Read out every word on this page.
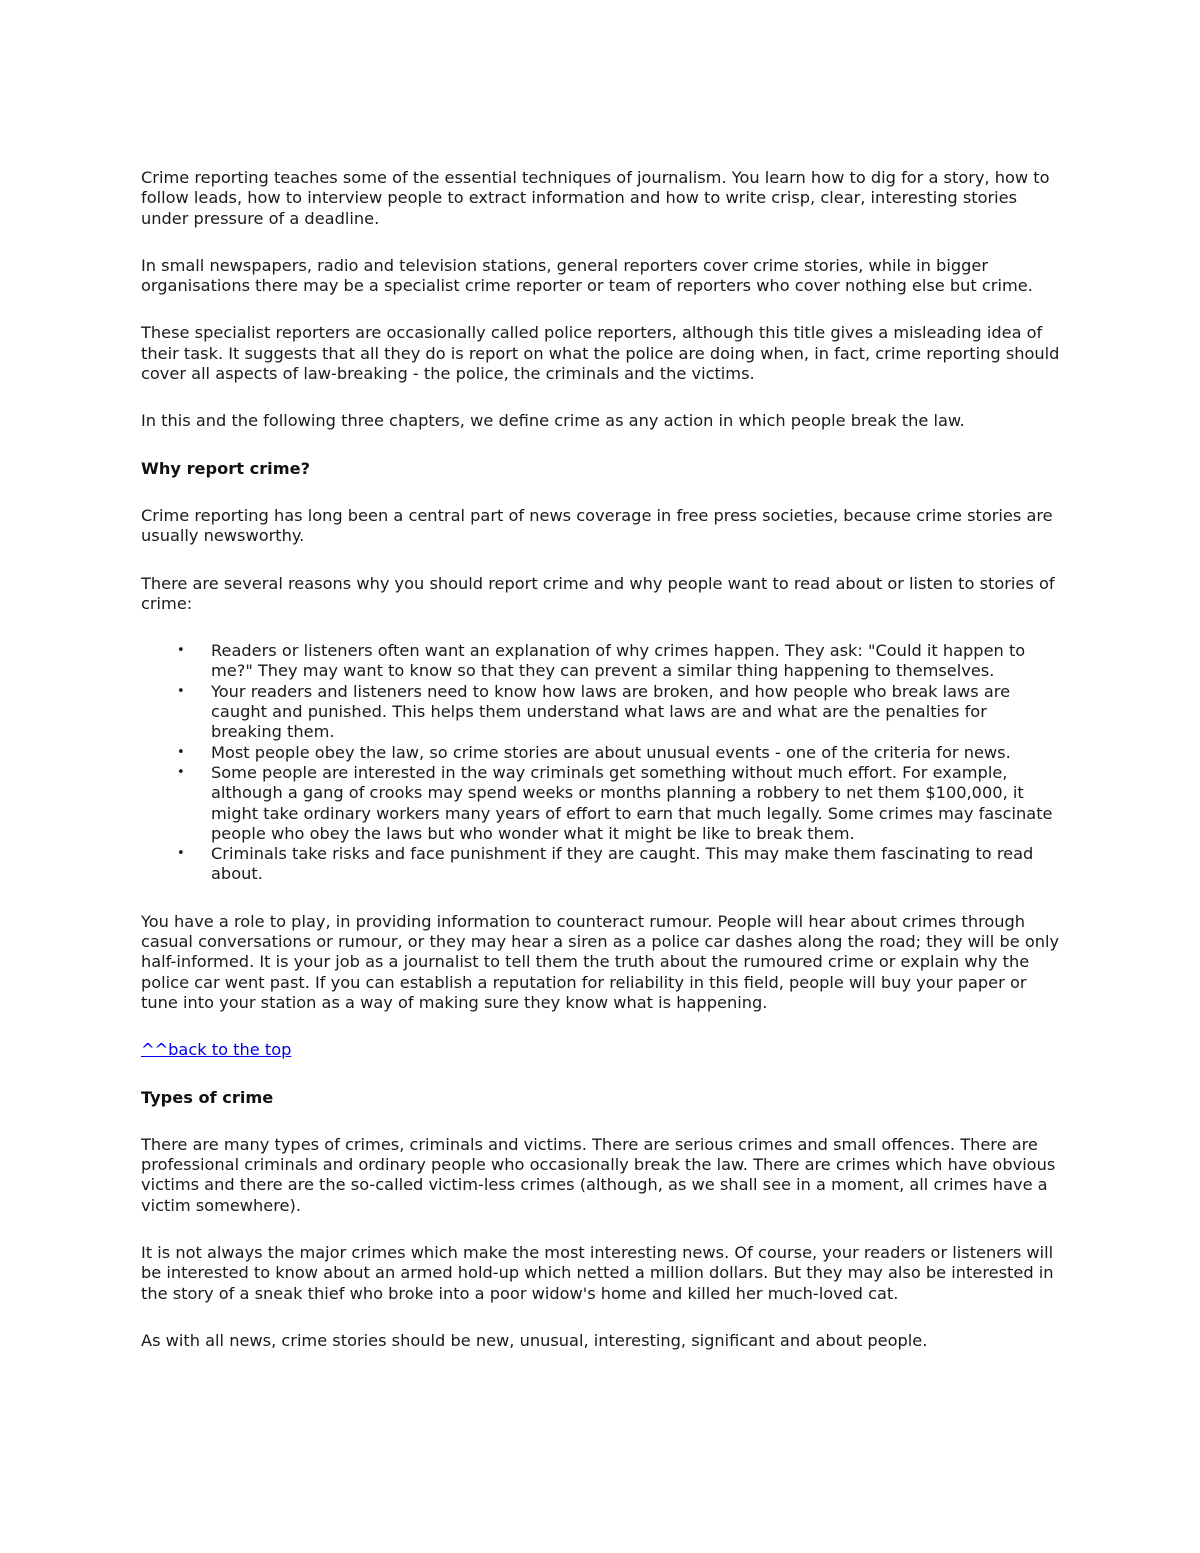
Crime reporting teaches some of the essential techniques of journalism. You learn how to dig for a story, how to follow leads, how to interview people to extract information and how to write crisp, clear, interesting stories under pressure of a deadline.

In small newspapers, radio and television stations, general reporters cover crime stories, while in bigger organisations there may be a specialist crime reporter or team of reporters who cover nothing else but crime.

These specialist reporters are occasionally called police reporters, although this title gives a misleading idea of their task. It suggests that all they do is report on what the police are doing when, in fact, crime reporting should cover all aspects of law-breaking - the police, the criminals and the victims.

In this and the following three chapters, we define crime as any action in which people break the law.

Why report crime?

Crime reporting has long been a central part of news coverage in free press societies, because crime stories are usually newsworthy.

There are several reasons why you should report crime and why people want to read about or listen to stories of crime:

• Readers or listeners often want an explanation of why crimes happen. They ask: "Could it happen to me?" They may want to know so that they can prevent a similar thing happening to themselves.
• Your readers and listeners need to know how laws are broken, and how people who break laws are caught and punished. This helps them understand what laws are and what are the penalties for breaking them.
• Most people obey the law, so crime stories are about unusual events - one of the criteria for news.
• Some people are interested in the way criminals get something without much effort. For example, although a gang of crooks may spend weeks or months planning a robbery to net them $100,000, it might take ordinary workers many years of effort to earn that much legally. Some crimes may fascinate people who obey the laws but who wonder what it might be like to break them.
• Criminals take risks and face punishment if they are caught. This may make them fascinating to read about.

You have a role to play, in providing information to counteract rumour. People will hear about crimes through casual conversations or rumour, or they may hear a siren as a police car dashes along the road; they will be only half-informed. It is your job as a journalist to tell them the truth about the rumoured crime or explain why the police car went past. If you can establish a reputation for reliability in this field, people will buy your paper or tune into your station as a way of making sure they know what is happening.

^^back to the top

Types of crime

There are many types of crimes, criminals and victims. There are serious crimes and small offences. There are professional criminals and ordinary people who occasionally break the law. There are crimes which have obvious victims and there are the so-called victim-less crimes (although, as we shall see in a moment, all crimes have a victim somewhere).

It is not always the major crimes which make the most interesting news. Of course, your readers or listeners will be interested to know about an armed hold-up which netted a million dollars. But they may also be interested in the story of a sneak thief who broke into a poor widow's home and killed her much-loved cat.

As with all news, crime stories should be new, unusual, interesting, significant and about people.
